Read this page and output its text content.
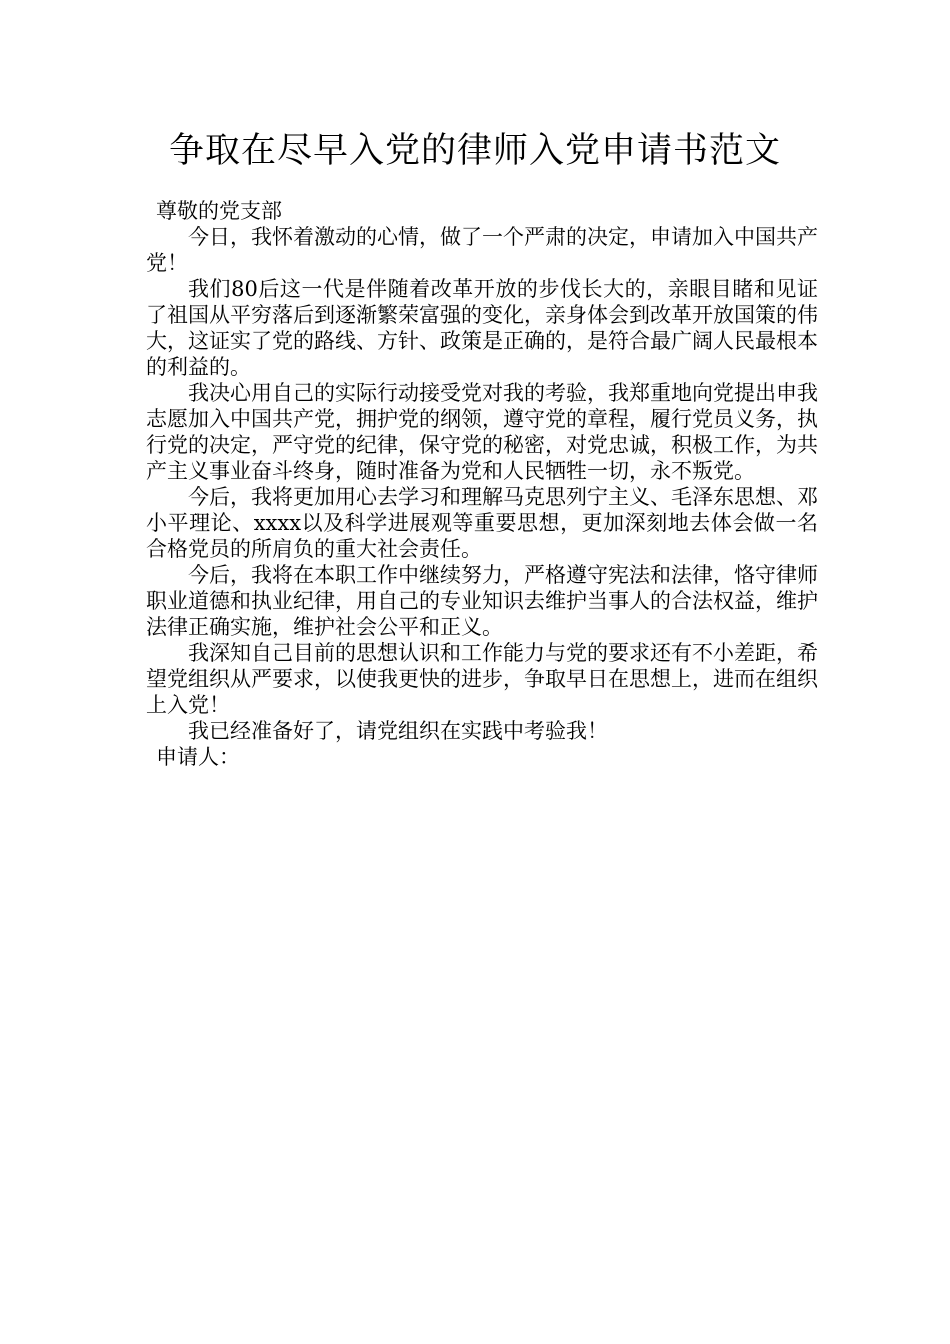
争取在尽早入党的律师入党申请书范文

尊敬的党支部

今日，我怀着激动的心情，做了一个严肃的决定，申请加入中国共产党！

我们80后这一代是伴随着改革开放的步伐长大的，亲眼目睹和见证了祖国从平穷落后到逐渐繁荣富强的变化，亲身体会到改革开放国策的伟大，这证实了党的路线、方针、政策是正确的，是符合最广阔人民最根本的利益的。

我决心用自己的实际行动接受党对我的考验，我郑重地向党提出申我志愿加入中国共产党，拥护党的纲领，遵守党的章程，履行党员义务，执行党的决定，严守党的纪律，保守党的秘密，对党忠诚，积极工作，为共产主义事业奋斗终身，随时准备为党和人民牺牲一切，永不叛党。

今后，我将更加用心去学习和理解马克思列宁主义、毛泽东思想、邓小平理论、xxxx以及科学进展观等重要思想，更加深刻地去体会做一名合格党员的所肩负的重大社会责任。

今后，我将在本职工作中继续努力，严格遵守宪法和法律，恪守律师职业道德和执业纪律，用自己的专业知识去维护当事人的合法权益，维护法律正确实施，维护社会公平和正义。

我深知自己目前的思想认识和工作能力与党的要求还有不小差距，希望党组织从严要求，以使我更快的进步，争取早日在思想上，进而在组织上入党！

我已经准备好了，请党组织在实践中考验我！

申请人：
